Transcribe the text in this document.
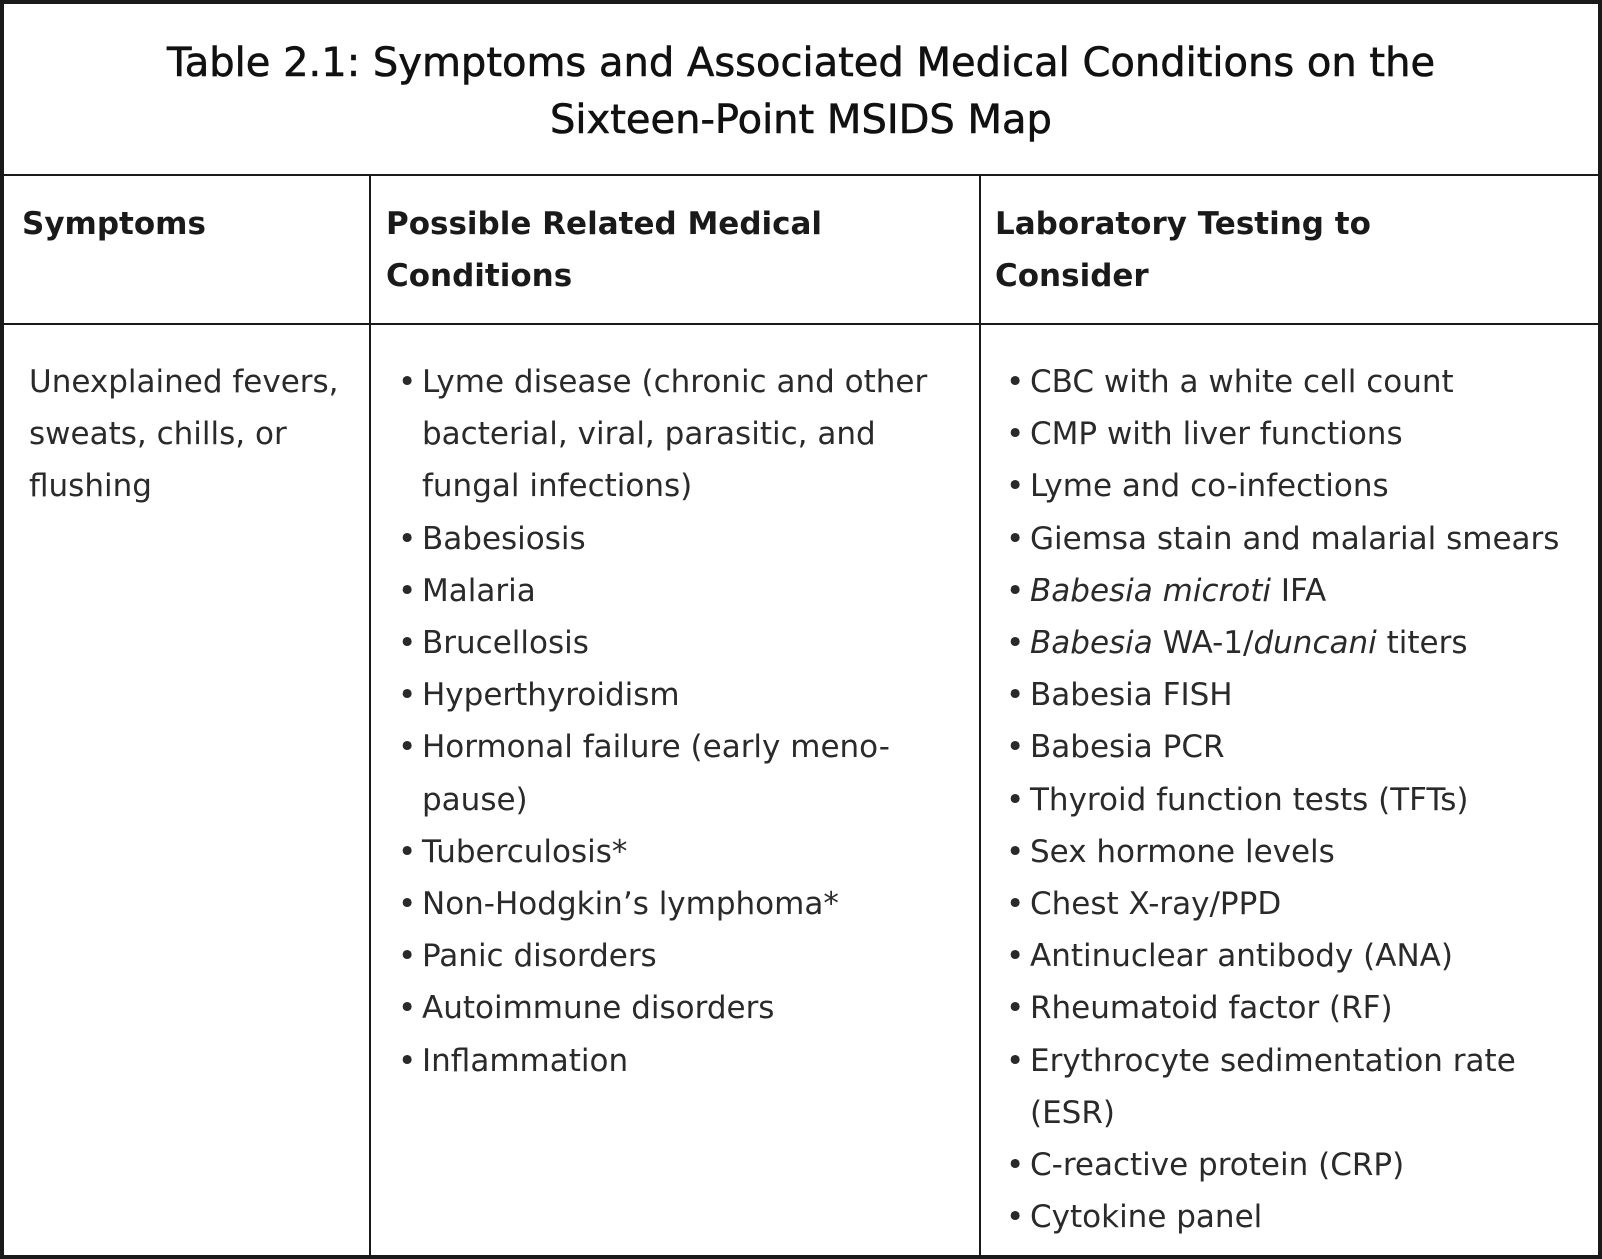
Table 2.1: Symptoms and Associated Medical Conditions on the Sixteen-Point MSIDS Map
Symptoms	Possible Related Medical Conditions
Laboratory Testing to Consider
Unexplained fevers, sweats, chills, or flushing
• Lyme disease (chronic and other bacterial, viral, parasitic, and fungal infections)
• Babesiosis
• Malaria
• Brucellosis
• Hyperthyroidism
• Hormonal failure (early meno-pause)
• Tuberculosis*
• Non-Hodgkin’s lymphoma*
• Panic disorders
• Autoimmune disorders
• Inflammation
• CBC with a white cell count
• CMP with liver functions
• Lyme and co-infections
• Giemsa stain and malarial smears
• Babesia microti IFA
• Babesia WA-1/duncani titers
• Babesia FISH
• Babesia PCR
• Thyroid function tests (TFTs)
• Sex hormone levels
• Chest X-ray/PPD
• Antinuclear antibody (ANA)
• Rheumatoid factor (RF)
• Erythrocyte sedimentation rate (ESR)
• C-reactive protein (CRP)
• Cytokine panel
